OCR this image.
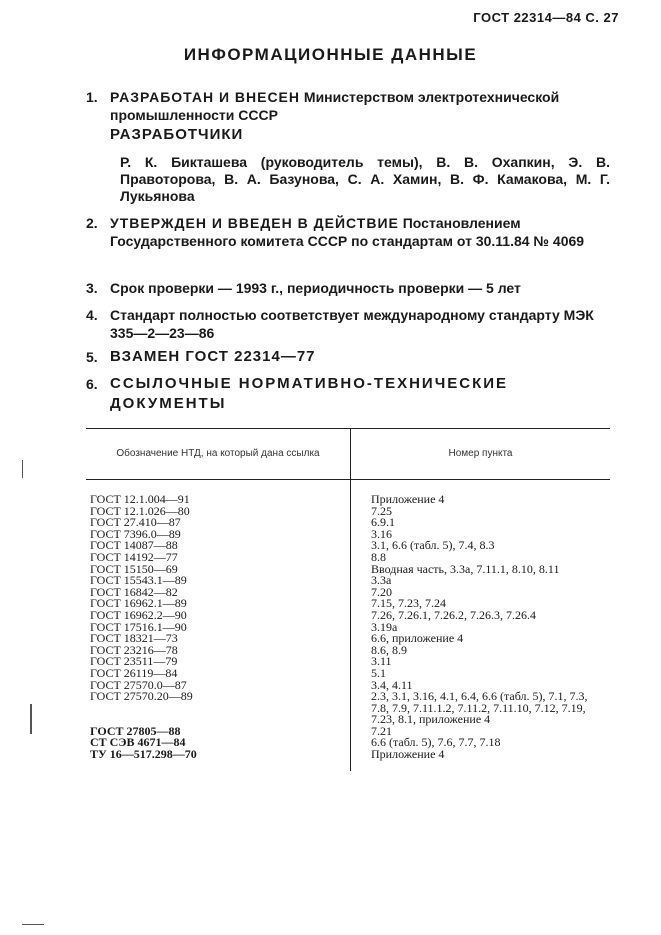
ГОСТ 22314—84 С. 27
ИНФОРМАЦИОННЫЕ ДАННЫЕ
1. РАЗРАБОТАН И ВНЕСЕН Министерством электротехнической промышленности СССР
РАЗРАБОТЧИКИ
Р. К. Бикташева (руководитель темы), В. В. Охапкин, Э. В. Правоторова, В. А. Базунова, С. А. Хамин, В. Ф. Камакова, М. Г. Лукьянова
2. УТВЕРЖДЕН И ВВЕДЕН В ДЕЙСТВИЕ Постановлением Государственного комитета СССР по стандартам от 30.11.84 № 4069
3. Срок проверки — 1993 г., периодичность проверки — 5 лет
4. Стандарт полностью соответствует международному стандарту МЭК 335—2—23—86
5. ВЗАМЕН ГОСТ 22314—77
6. ССЫЛОЧНЫЕ НОРМАТИВНО-ТЕХНИЧЕСКИЕ ДОКУМЕНТЫ
Обозначение НТД, на который дана ссылка	Номер пункта
ГОСТ 12.1.004—91	Приложение 4
ГОСТ 12.1.026—80	7.25
ГОСТ 27.410—87	6.9.1
ГОСТ 7396.0—89	3.16
ГОСТ 14087—88	3.1, 6.6 (табл. 5), 7.4, 8.3
ГОСТ 14192—77	8.8
ГОСТ 15150—69	Вводная часть, 3.3а, 7.11.1, 8.10, 8.11
ГОСТ 15543.1—89	3.3а
ГОСТ 16842—82	7.20
ГОСТ 16962.1—89	7.15, 7.23, 7.24
ГОСТ 16962.2—90	7.26, 7.26.1, 7.26.2, 7.26.3, 7.26.4
ГОСТ 17516.1—90	3.19а
ГОСТ 18321—73	6.6, приложение 4
ГОСТ 23216—78	8.6, 8.9
ГОСТ 23511—79	3.11
ГОСТ 26119—84	5.1
ГОСТ 27570.0—87	3.4, 4.11
ГОСТ 27570.20—89	2.3, 3.1, 3.16, 4.1, 6.4, 6.6 (табл. 5), 7.1, 7.3, 7.8, 7.9, 7.11.1.2, 7.11.2, 7.11.10, 7.12, 7.19, 7.23, 8.1, приложение 4
ГОСТ 27805—88	7.21
СТ СЭВ 4671—84	6.6 (табл. 5), 7.6, 7.7, 7.18
ТУ 16—517.298—70	Приложение 4
